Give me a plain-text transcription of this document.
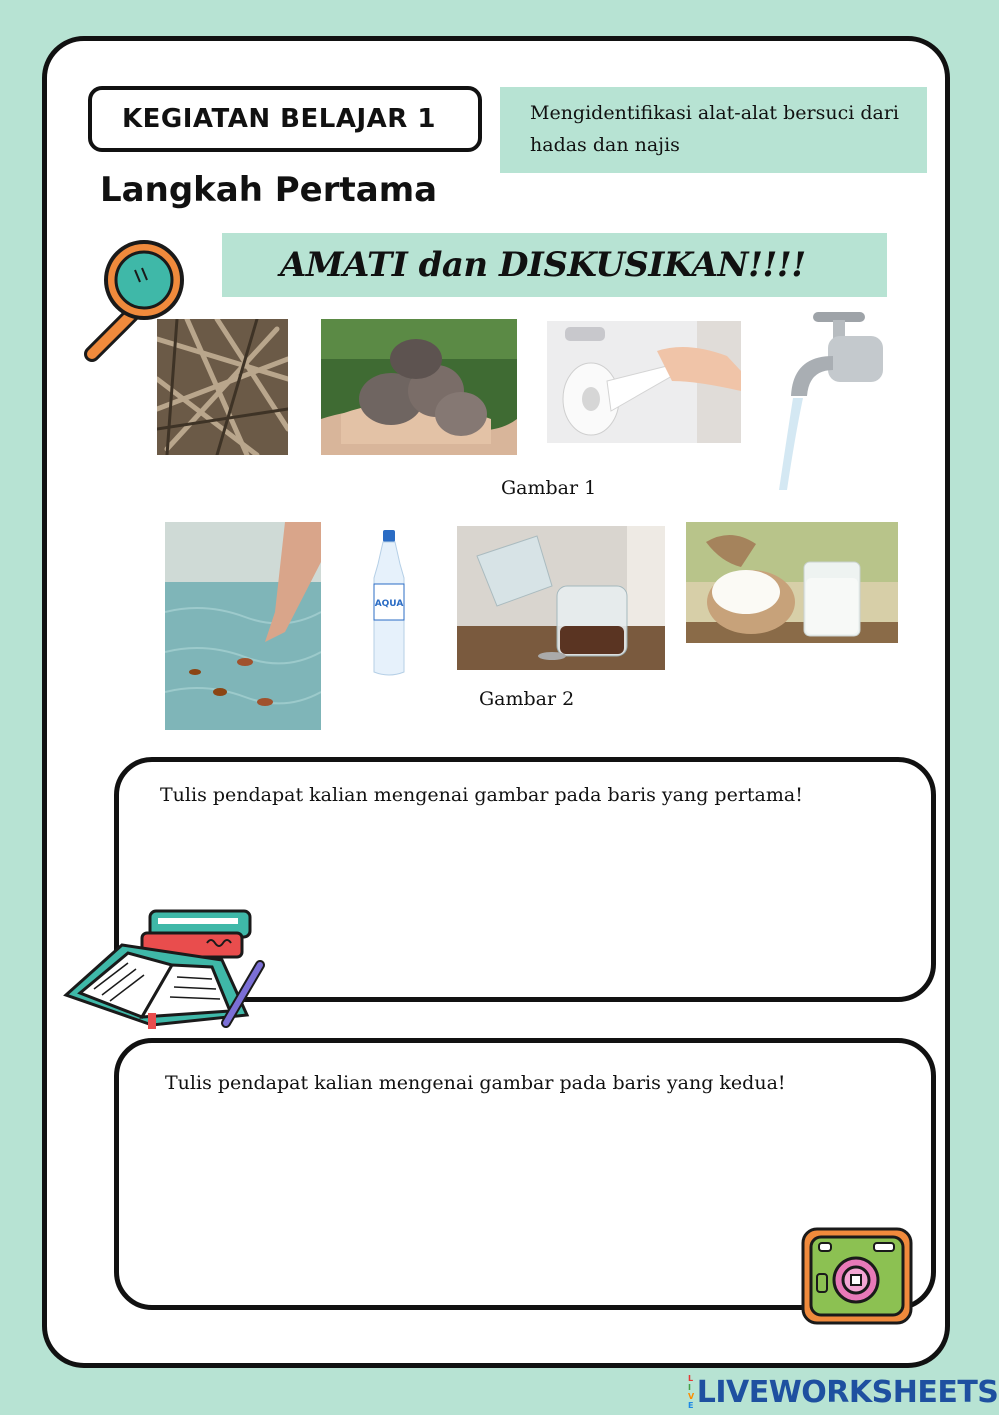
KEGIATAN BELAJAR 1	Mengidentifikasi alat-alat bersuci dari hadas dan najis
Langkah Pertama
AMATI dan DISKUSIKAN!!!!
Gambar 1
AQUA
Gambar 2
Tulis pendapat kalian mengenai gambar pada baris yang pertama!
Tulis pendapat kalian mengenai gambar pada baris yang kedua!
L
I
V
E LIVEWORKSHEETS
